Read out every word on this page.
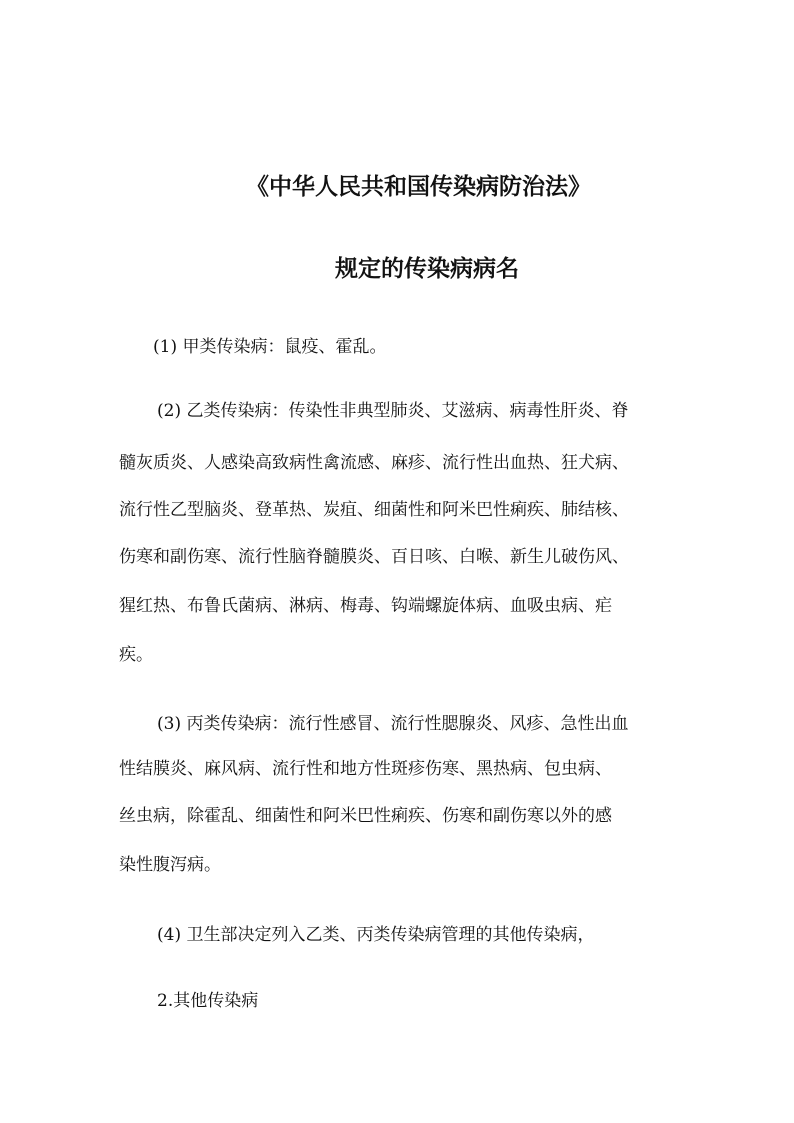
《中华人民共和国传染病防治法》
规定的传染病病名
(1) 甲类传染病：鼠疫、霍乱。
(2) 乙类传染病：传染性非典型肺炎、艾滋病、病毒性肝炎、脊
髓灰质炎、人感染高致病性禽流感、麻疹、流行性出血热、狂犬病、
流行性乙型脑炎、登革热、炭疽、细菌性和阿米巴性痢疾、肺结核、
伤寒和副伤寒、流行性脑脊髓膜炎、百日咳、白喉、新生儿破伤风、
猩红热、布鲁氏菌病、淋病、梅毒、钩端螺旋体病、血吸虫病、疟
疾。
(3) 丙类传染病：流行性感冒、流行性腮腺炎、风疹、急性出血
性结膜炎、麻风病、流行性和地方性斑疹伤寒、黑热病、包虫病、
丝虫病，除霍乱、细菌性和阿米巴性痢疾、伤寒和副伤寒以外的感
染性腹泻病。
(4) 卫生部决定列入乙类、丙类传染病管理的其他传染病，
2.其他传染病
